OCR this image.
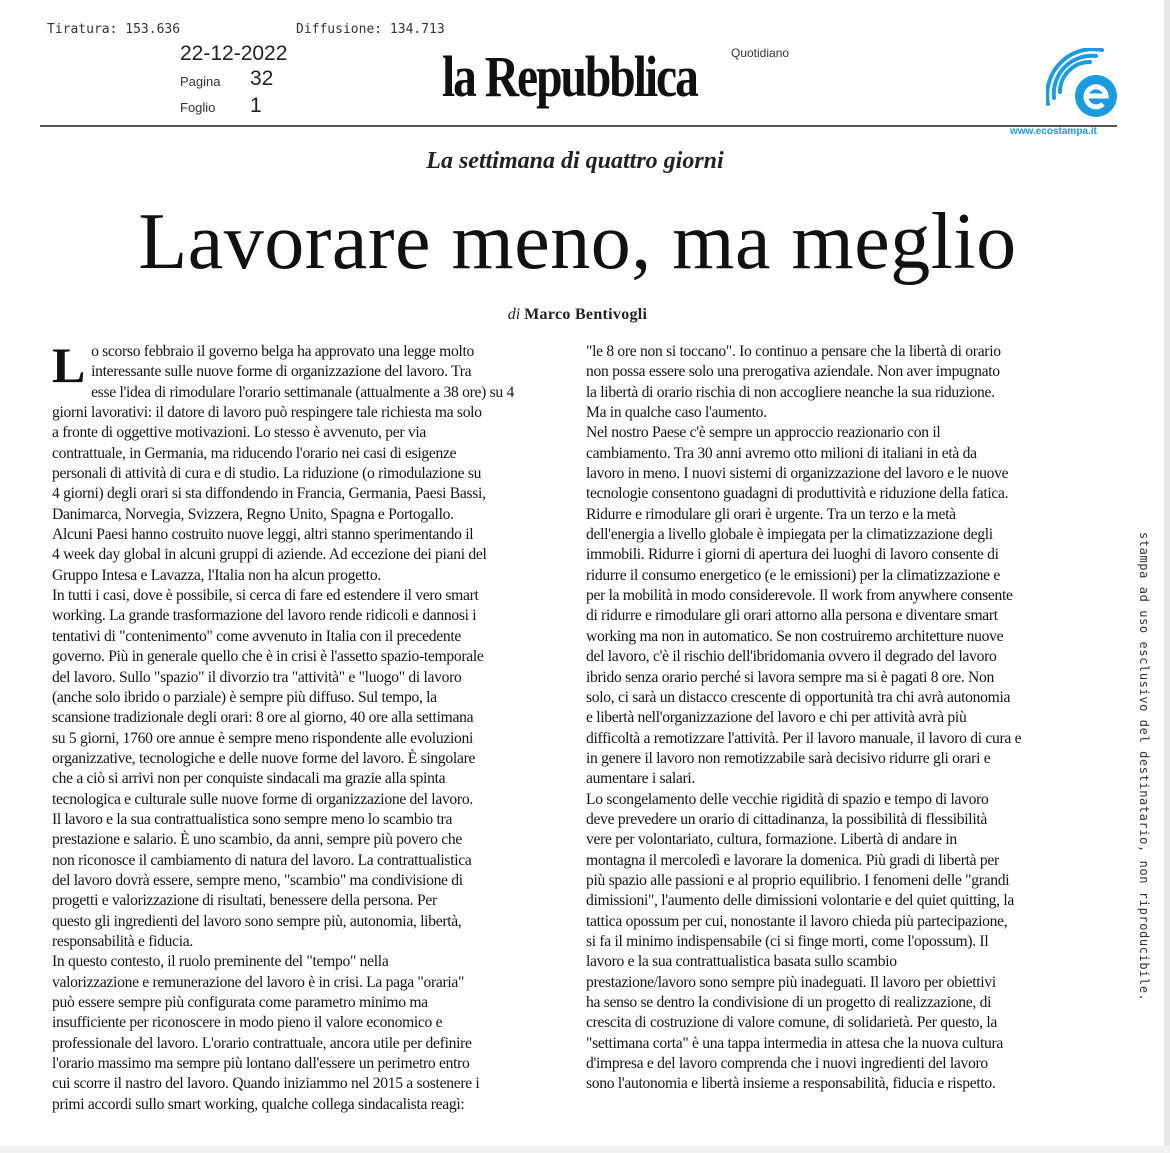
Tiratura: 153.636	Diffusione: 134.713
22-12-2022
Pagina 32
Foglio 1	la Repubblica	Quotidiano
www.ecostampa.it
La settimana di quattro giorni
Lavorare meno, ma meglio
di Marco Bentivogli
L o scorso febbraio il governo belga ha approvato una legge molto
interessante sulle nuove forme di organizzazione del lavoro. Tra
esse l'idea di rimodulare l'orario settimanale (attualmente a 38 ore) su 4
giorni lavorativi: il datore di lavoro può respingere tale richiesta ma solo
a fronte di oggettive motivazioni. Lo stesso è avvenuto, per via
contrattuale, in Germania, ma riducendo l'orario nei casi di esigenze
personali di attività di cura e di studio. La riduzione (o rimodulazione su
4 giorni) degli orari si sta diffondendo in Francia, Germania, Paesi Bassi,
Danimarca, Norvegia, Svizzera, Regno Unito, Spagna e Portogallo.
Alcuni Paesi hanno costruito nuove leggi, altri stanno sperimentando il
4 week day global in alcuni gruppi di aziende. Ad eccezione dei piani del
Gruppo Intesa e Lavazza, l'Italia non ha alcun progetto.
In tutti i casi, dove è possibile, si cerca di fare ed estendere il vero smart
working. La grande trasformazione del lavoro rende ridicoli e dannosi i
tentativi di "contenimento" come avvenuto in Italia con il precedente
governo. Più in generale quello che è in crisi è l'assetto spazio-temporale
del lavoro. Sullo "spazio" il divorzio tra "attività" e "luogo" di lavoro
(anche solo ibrido o parziale) è sempre più diffuso. Sul tempo, la
scansione tradizionale degli orari: 8 ore al giorno, 40 ore alla settimana
su 5 giorni, 1760 ore annue è sempre meno rispondente alle evoluzioni
organizzative, tecnologiche e delle nuove forme del lavoro. È singolare
che a ciò si arrivi non per conquiste sindacali ma grazie alla spinta
tecnologica e culturale sulle nuove forme di organizzazione del lavoro.
Il lavoro e la sua contrattualistica sono sempre meno lo scambio tra
prestazione e salario. È uno scambio, da anni, sempre più povero che
non riconosce il cambiamento di natura del lavoro. La contrattualistica
del lavoro dovrà essere, sempre meno, "scambio" ma condivisione di
progetti e valorizzazione di risultati, benessere della persona. Per
questo gli ingredienti del lavoro sono sempre più, autonomia, libertà,
responsabilità e fiducia.
In questo contesto, il ruolo preminente del "tempo" nella
valorizzazione e remunerazione del lavoro è in crisi. La paga "oraria"
può essere sempre più configurata come parametro minimo ma
insufficiente per riconoscere in modo pieno il valore economico e
professionale del lavoro. L'orario contrattuale, ancora utile per definire
l'orario massimo ma sempre più lontano dall'essere un perimetro entro
cui scorre il nastro del lavoro. Quando iniziammo nel 2015 a sostenere i
primi accordi sullo smart working, qualche collega sindacalista reagì:
"le 8 ore non si toccano". Io continuo a pensare che la libertà di orario
non possa essere solo una prerogativa aziendale. Non aver impugnato
la libertà di orario rischia di non accogliere neanche la sua riduzione.
Ma in qualche caso l'aumento.
Nel nostro Paese c'è sempre un approccio reazionario con il
cambiamento. Tra 30 anni avremo otto milioni di italiani in età da
lavoro in meno. I nuovi sistemi di organizzazione del lavoro e le nuove
tecnologie consentono guadagni di produttività e riduzione della fatica.
Ridurre e rimodulare gli orari è urgente. Tra un terzo e la metà
dell'energia a livello globale è impiegata per la climatizzazione degli
immobili. Ridurre i giorni di apertura dei luoghi di lavoro consente di
ridurre il consumo energetico (e le emissioni) per la climatizzazione e
per la mobilità in modo considerevole. Il work from anywhere consente
di ridurre e rimodulare gli orari attorno alla persona e diventare smart
working ma non in automatico. Se non costruiremo architetture nuove
del lavoro, c'è il rischio dell'ibridomania ovvero il degrado del lavoro
ibrido senza orario perché si lavora sempre ma si è pagati 8 ore. Non
solo, ci sarà un distacco crescente di opportunità tra chi avrà autonomia
e libertà nell'organizzazione del lavoro e chi per attività avrà più
difficoltà a remotizzare l'attività. Per il lavoro manuale, il lavoro di cura e
in genere il lavoro non remotizzabile sarà decisivo ridurre gli orari e
aumentare i salari.
Lo scongelamento delle vecchie rigidità di spazio e tempo di lavoro
deve prevedere un orario di cittadinanza, la possibilità di flessibilità
vere per volontariato, cultura, formazione. Libertà di andare in
montagna il mercoledì e lavorare la domenica. Più gradi di libertà per
più spazio alle passioni e al proprio equilibrio. I fenomeni delle "grandi
dimissioni", l'aumento delle dimissioni volontarie e del quiet quitting, la
tattica opossum per cui, nonostante il lavoro chieda più partecipazione,
si fa il minimo indispensabile (ci si finge morti, come l'opossum). Il
lavoro e la sua contrattualistica basata sullo scambio
prestazione/lavoro sono sempre più inadeguati. Il lavoro per obiettivi
ha senso se dentro la condivisione di un progetto di realizzazione, di
crescita di costruzione di valore comune, di solidarietà. Per questo, la
"settimana corta" è una tappa intermedia in attesa che la nuova cultura
d'impresa e del lavoro comprenda che i nuovi ingredienti del lavoro
sono l'autonomia e libertà insieme a responsabilità, fiducia e rispetto.
stampa ad uso esclusivo del destinatario, non riproducibile.
